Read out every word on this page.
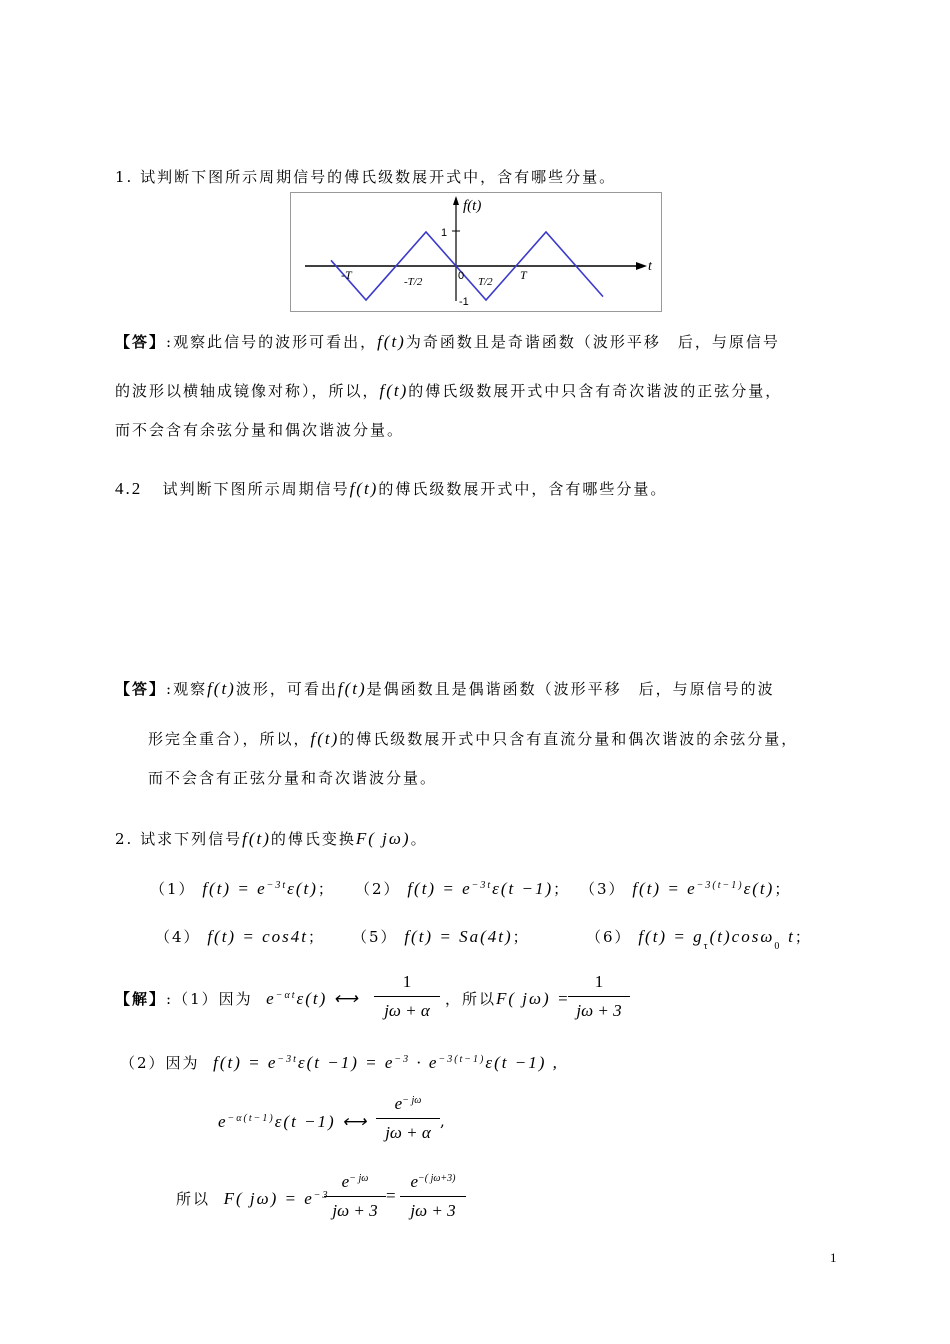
1. 试判断下图所示周期信号的傅氏级数展开式中，含有哪些分量。
f(t)
1
-1
0
-T	T
-T/2	T/2
t
【答】:观察此信号的波形可看出，f(t)为奇函数且是奇谐函数（波形平移　后，与原信号
的波形以横轴成镜像对称），所以，f(t)的傅氏级数展开式中只含有奇次谐波的正弦分量，
而不会含有余弦分量和偶次谐波分量。
4.2 试判断下图所示周期信号f(t)的傅氏级数展开式中，含有哪些分量。
【答】:观察f(t)波形，可看出f(t)是偶函数且是偶谐函数（波形平移　后，与原信号的波
形完全重合），所以，f(t)的傅氏级数展开式中只含有直流分量和偶次谐波的余弦分量，
而不会含有正弦分量和奇次谐波分量。
2. 试求下列信号f(t)的傅氏变换F( jω)。
（1） $f(t) = e^{-3t}\varepsilon(t)$； （2） $f(t) = e^{-3t}\varepsilon(t -1)$； （3） $f(t) = e^{-3(t-1)}\varepsilon(t)$；
（4） f(t) = cos4t； （5） f(t) = Sa(4t)；	（6） $f(t) = g_\tau(t)\cos\omega_0$ t；
【解】:（1）因为 $e^{-\alpha t}\varepsilon(t)$ ⟷ $\frac{1}{j\omega + \alpha}$ ，所以F( jω) =
$\frac{1}{j\omega + 3}$
（2）因为 $f(t) = e^{-3t}\varepsilon(t -1) = e^{-3} \cdot e^{-3(t-1)}\varepsilon(t -1)$ ,
$e^{-\alpha(t-1)}\varepsilon(t -1)$ ⟷ $\frac{e^{- j\omega}}{j\omega + \alpha}$ ,
所以 F( $j\omega) = e^{-3}$
$\frac{e^{- j\omega}}{j\omega + 3} = \frac{e^{-( j\omega+3)}}{j\omega + 3}$
1
